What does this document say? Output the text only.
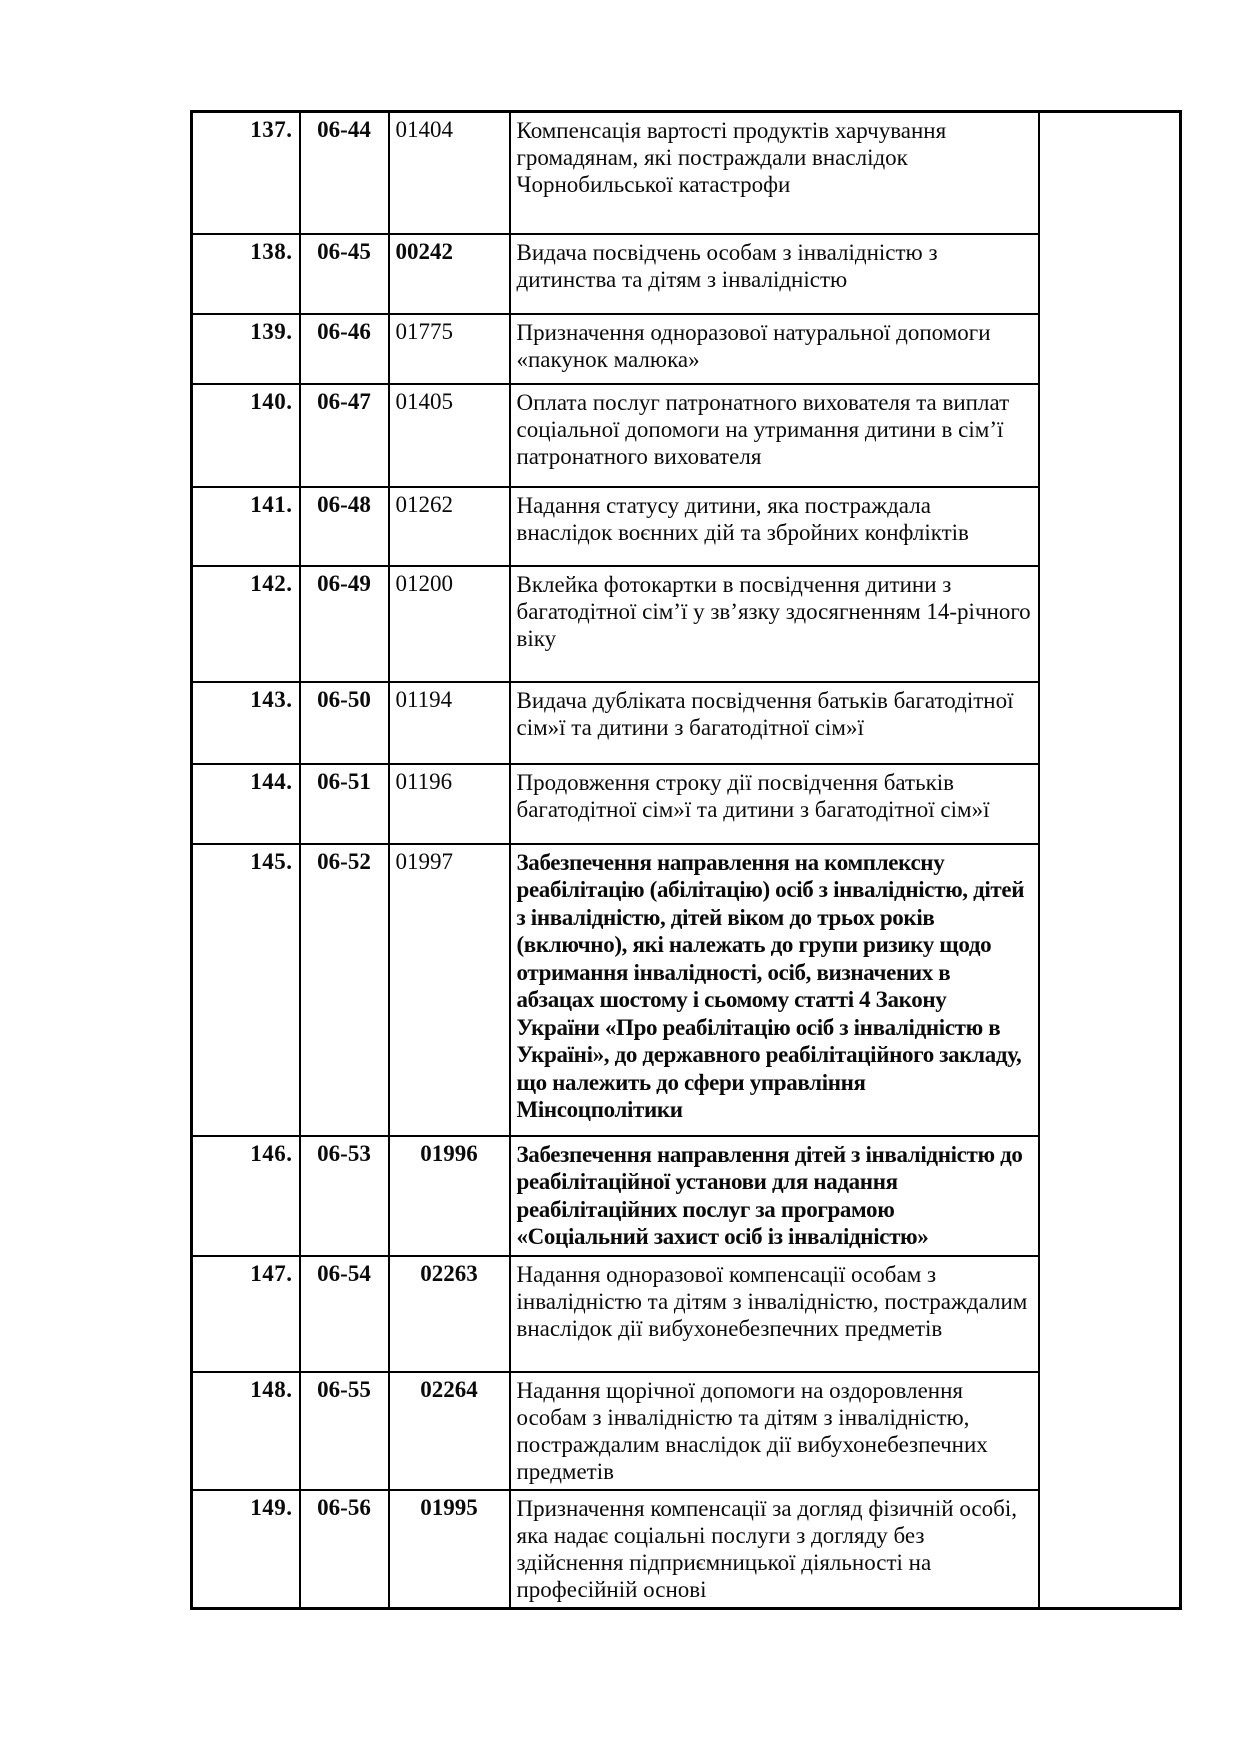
137.	06-44	01404	Компенсація вартості продуктів харчування громадянам, які постраждали внаслідок Чорнобильської катастрофи	
138.	06-45	00242	Видача посвідчень особам з інвалідністю з дитинства та дітям з інвалідністю	
139.	06-46	01775	Призначення одноразової натуральної допомоги «пакунок малюка»	
140.	06-47	01405	Оплата послуг патронатного вихователя та виплат соціальної допомоги на утримання дитини в сім’ї патронатного вихователя	
141.	06-48	01262	Надання статусу дитини, яка постраждала внаслідок воєнних дій та збройних конфліктів	
142.	06-49	01200	Вклейка фотокартки в посвідчення дитини з багатодітної сім’ї у зв’язку здосягненням 14-річного віку	
143.	06-50	01194	Видача дубліката посвідчення батьків багатодітної сім»ї та дитини з багатодітної сім»ї	
144.	06-51	01196	Продовження строку дії посвідчення батьків багатодітної сім»ї та дитини з багатодітної сім»ї	
145.	06-52	01997	Забезпечення направлення на комплексну реабілітацію (абілітацію) осіб з інвалідністю, дітей з інвалідністю, дітей віком до трьох років (включно), які належать до групи ризику щодо отримання інвалідності, осіб, визначених в абзацах шостому і сьомому статті 4 Закону України «Про реабілітацію осіб з інвалідністю в Україні», до державного реабілітаційного закладу, що належить до сфери управління Мінсоцполітики	
146.	06-53	01996	Забезпечення направлення дітей з інвалідністю до реабілітаційної установи для надання реабілітаційних послуг за програмою «Соціальний захист осіб із інвалідністю»	
147.	06-54	02263	Надання одноразової компенсації особам з інвалідністю та дітям з інвалідністю, постраждалим внаслідок дії вибухонебезпечних предметів	
148.	06-55	02264	Надання щорічної допомоги на оздоровлення особам з інвалідністю та дітям з інвалідністю, постраждалим внаслідок дії вибухонебезпечних предметів	
149.	06-56	01995	Призначення компенсації за догляд фізичній особі, яка надає соціальні послуги з догляду без здійснення підприємницької діяльності на професійній основі	
